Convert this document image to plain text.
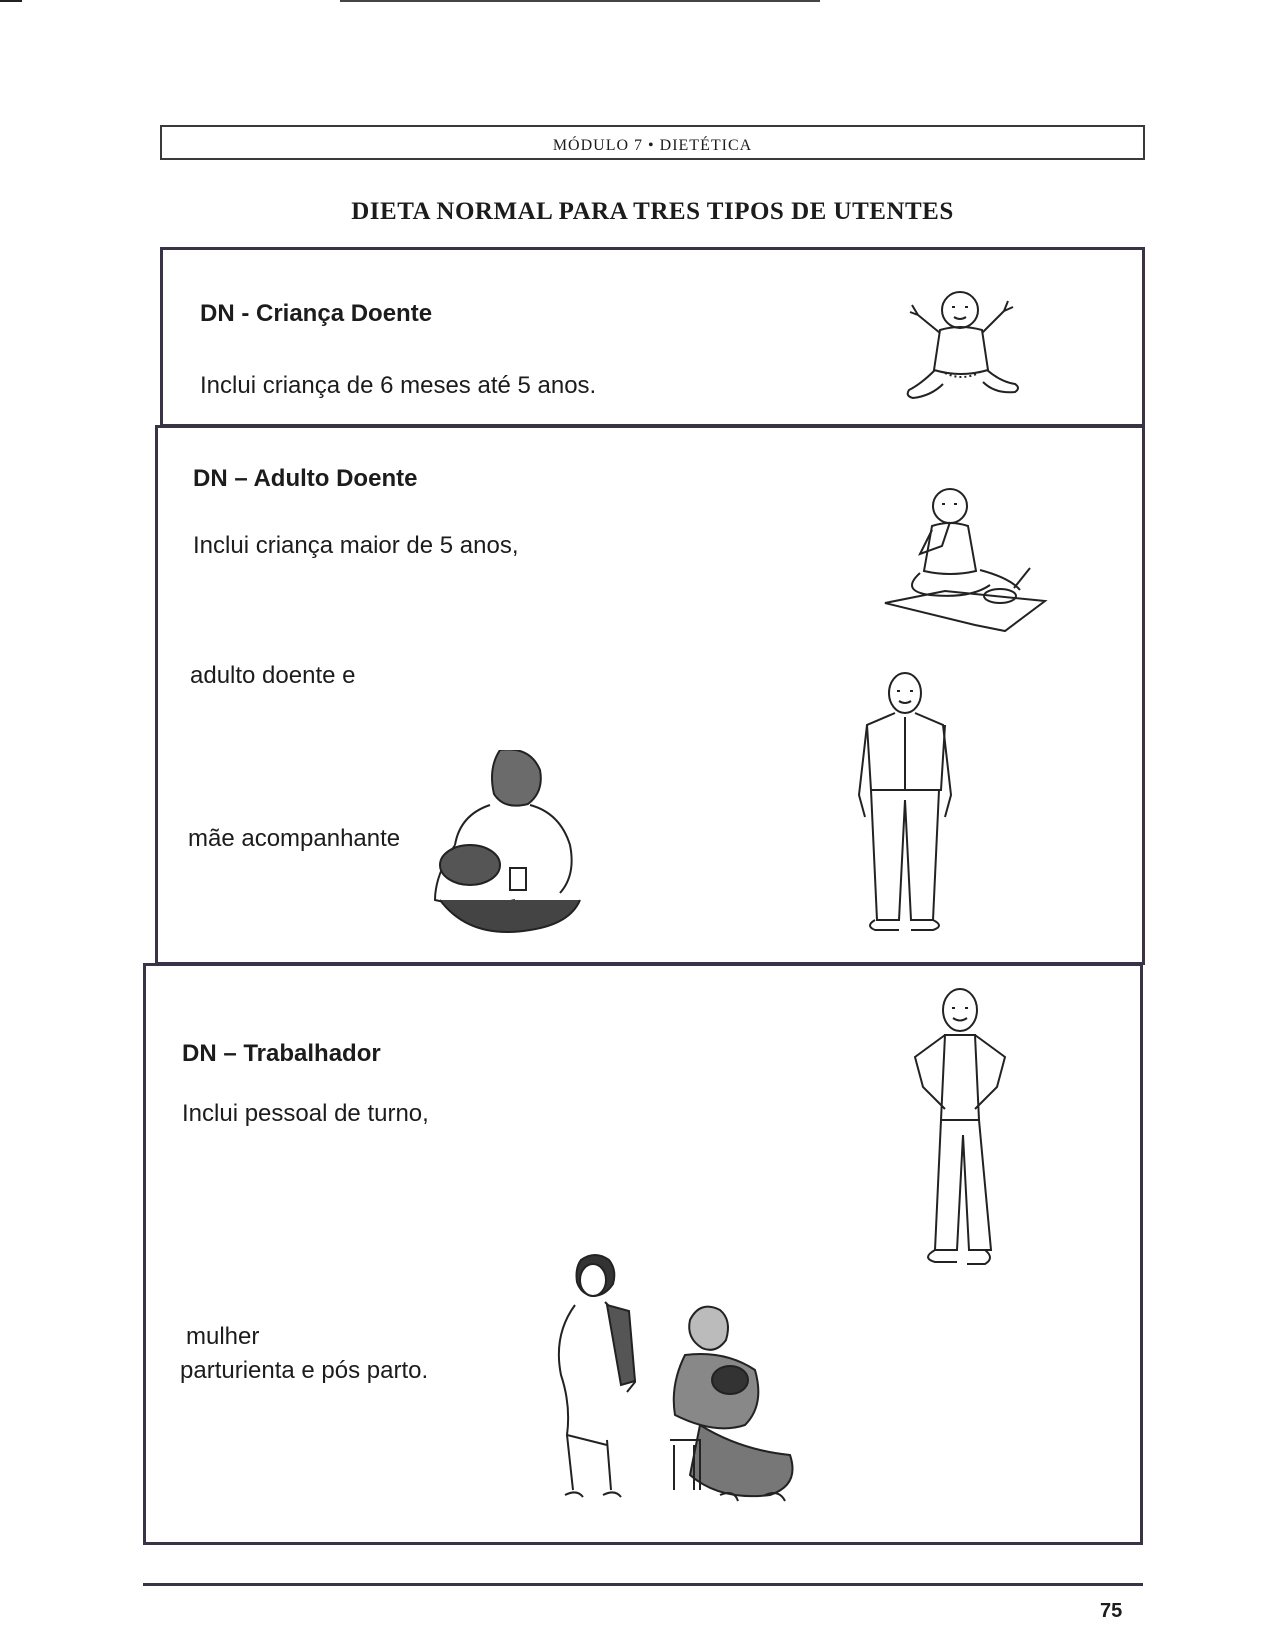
MÓDULO 7 • DIETÉTICA
DIETA NORMAL PARA TRES TIPOS DE UTENTES
DN - Criança Doente
Inclui criança de 6 meses até 5 anos.
DN – Adulto Doente
Inclui criança maior de 5 anos,
adulto doente e
mãe acompanhante
DN – Trabalhador
Inclui pessoal de turno,
mulher
parturienta e pós parto.
75
